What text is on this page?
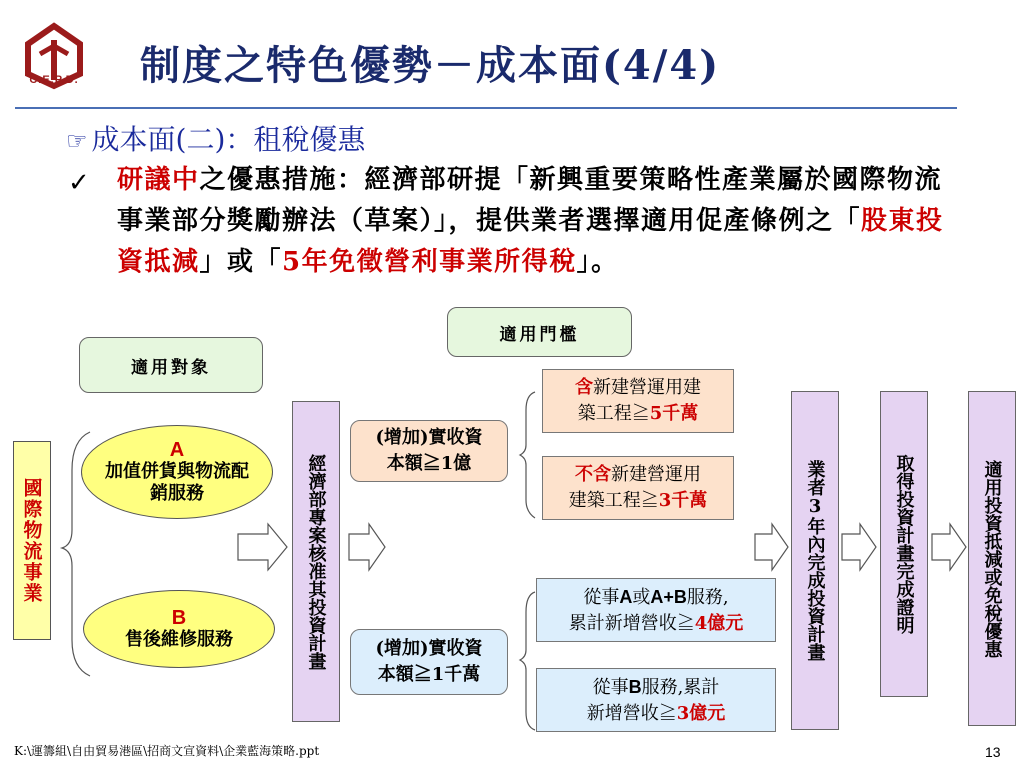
C.E.P.D. 制度之特色優勢－成本面(4/4)
☞ 成本面(二)：租稅優惠
✓ 研議中之優惠措施：經濟部研提「新興重要策略性產業屬於國際物流事業部分獎勵辦法（草案）」，提供業者選擇適用促產條例之「股東投資抵減」或「5年免徵營利事業所得稅」。
適用門檻
適用對象
國際物流事業
A
加值併貨與物流配銷服務
B
售後維修服務	經濟部專案核准其投資計畫
(增加)實收資
本額≧1億
(增加)實收資
本額≧1千萬
含新建營運用建
築工程≧5千萬
不含新建營運用
建築工程≧3千萬
從事A或A+B服務,
累計新增營收≧4億元
從事B服務,累計
新增營收≧3億元
業者3年內完成投資計畫	取得投資計畫完成證明	適用投資抵減或免稅優惠
K:\運籌組\自由貿易港區\招商文宣資料\企業藍海策略.ppt	13
